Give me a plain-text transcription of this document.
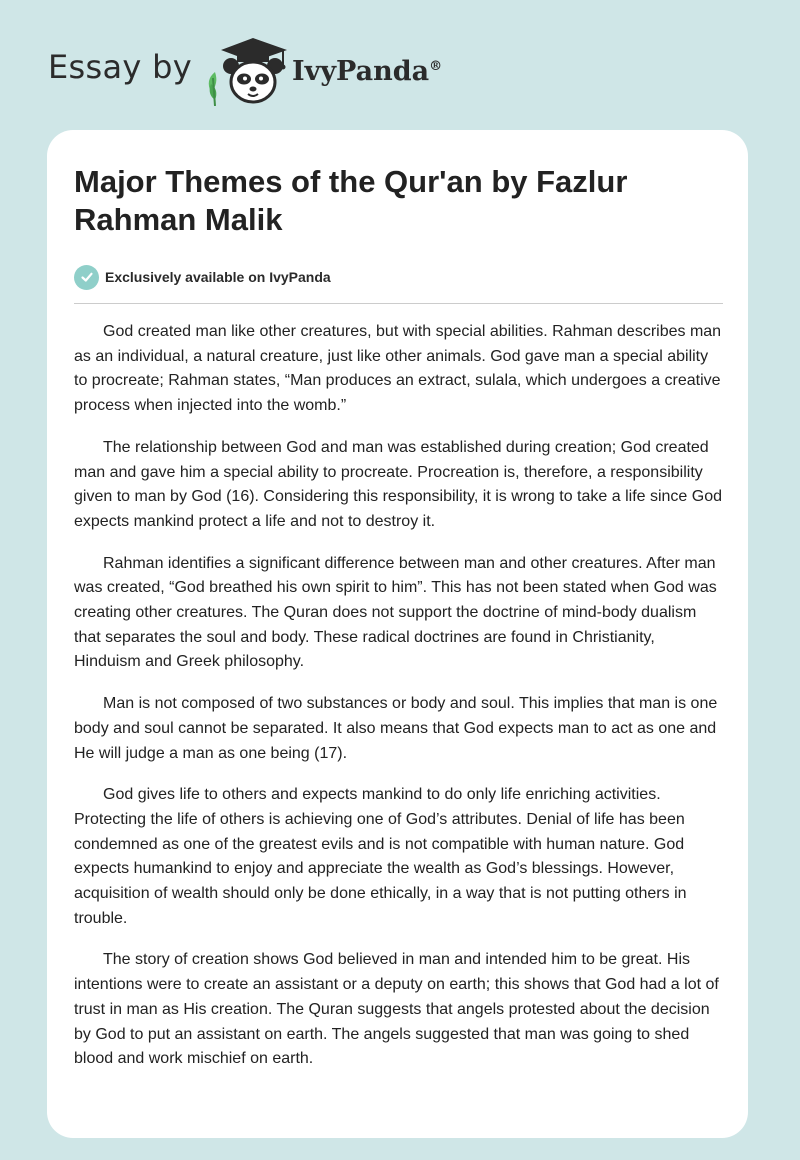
Essay by	IvyPanda®
Major Themes of the Qur'an by Fazlur Rahman Malik
Exclusively available on IvyPanda

God created man like other creatures, but with special abilities. Rahman describes man as an individual, a natural creature, just like other animals. God gave man a special ability to procreate; Rahman states, “Man produces an extract, sulala, which undergoes a creative process when injected into the womb.”

The relationship between God and man was established during creation; God created man and gave him a special ability to procreate. Procreation is, therefore, a responsibility given to man by God (16). Considering this responsibility, it is wrong to take a life since God expects mankind protect a life and not to destroy it.

Rahman identifies a significant difference between man and other creatures. After man was created, “God breathed his own spirit to him”. This has not been stated when God was creating other creatures. The Quran does not support the doctrine of mind-body dualism that separates the soul and body. These radical doctrines are found in Christianity, Hinduism and Greek philosophy.

Man is not composed of two substances or body and soul. This implies that man is one body and soul cannot be separated. It also means that God expects man to act as one and He will judge a man as one being (17).

God gives life to others and expects mankind to do only life enriching activities. Protecting the life of others is achieving one of God’s attributes. Denial of life has been condemned as one of the greatest evils and is not compatible with human nature. God expects humankind to enjoy and appreciate the wealth as God’s blessings. However, acquisition of wealth should only be done ethically, in a way that is not putting others in trouble.

The story of creation shows God believed in man and intended him to be great. His intentions were to create an assistant or a deputy on earth; this shows that God had a lot of trust in man as His creation. The Quran suggests that angels protested about the decision by God to put an assistant on earth. The angels suggested that man was going to shed blood and work mischief on earth.
